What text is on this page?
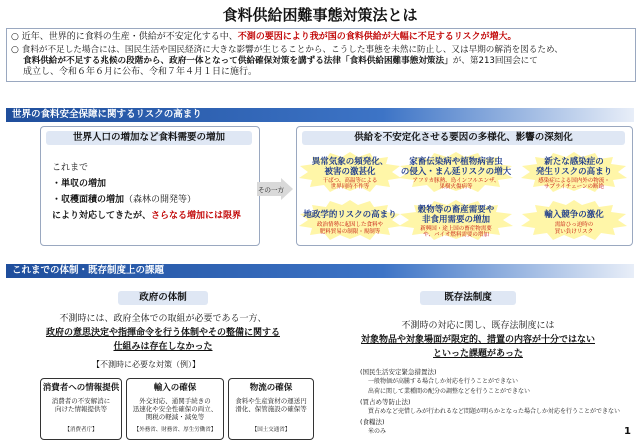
食料供給困難事態対策法とは

○ 近年、世界的に食料の生産・供給が不安定化する中、不測の要因により我が国の食料供給が大幅に不足するリスクが増大。

○ 食料が不足した場合には、国民生活や国民経済に大きな影響が生じることから、こうした事態を未然に防止し、又は早期の解消を図るため、

食料供給が不足する兆候の段階から、政府一体となって供給確保対策を講ずる法律「食料供給困難事態対策法」が、第213回国会にて

成立し、令和６年６月に公布、令和７年４月１日に施行。

世界の食料安全保障に関するリスクの高まり
世界人口の増加など食料需要の増加
これまで
・単収の増加
・収穫面積の増加（森林の開発等）
により対応してきたが、さらなる増加には限界
その一方
供給を不安定化させる要因の多様化、影響の深刻化
異常気象の頻発化、
被害の激甚化
干ばつ、高温等による
世界同時不作等
家畜伝染病や植物病害虫
の侵入・まん延リスクの増大
アフリカ豚熱、鳥インフルエンザ、
果樹火傷病等
新たな感染症の
発生リスクの高まり
感染症による国内外の物流・
サプライチェーンの断絶
地政学的リスクの高まり
政治情勢に起因した食料や
肥料貿易の制限・規制等
穀物等の畜産需要や
非食用需要の増加
新興国・途上国の畜産物需要
や、バイオ燃料需要の増加
輸入競争の激化
需給ひっ迫時の
買い負けリスク
これまでの体制・既存制度上の課題
政府の体制
不測時には、政府全体での取組が必要である一方、
政府の意思決定や指揮命令を行う体制やその整備に関する
仕組みは存在しなかった
【不測時に必要な対策（例）】
消費者への情報提供
消費者の不安解消に
向けた情報提供等
【消費者庁】
輸入の確保
外交対応、通関手続きの
迅速化や安全性確保の両立、
関税の軽減・減免等
【外務省、財務省、厚生労働省】
物流の確保
食料や生産資材の運送円
滑化、保管施設の確保等
【国土交通省】
既存法制度
不測時の対応に関し、既存法制度には
対象物品や対象場面が限定的、措置の内容が十分ではない
といった課題があった
(国民生活安定緊急措置法)
一般物価が高騰する場合しか対応を行うことができない
出荷に関して業種間の配分の調整などを行うことができない
(買占め等防止法)
買占めなど売惜しみが行われるなど問題が明らかとなった場合しか対応を行うことができない
(食糧法)
米のみ	1
